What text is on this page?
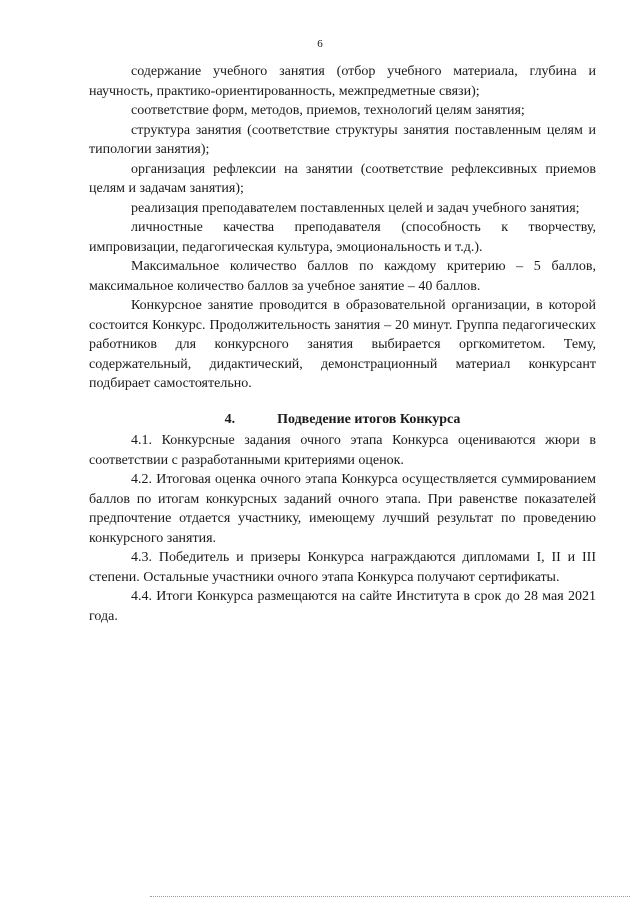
6

содержание учебного занятия (отбор учебного материала, глубина и научность, практико-ориентированность, межпредметные связи);

соответствие форм, методов, приемов, технологий целям занятия;

структура занятия (соответствие структуры занятия поставленным целям и типологии занятия);

организация рефлексии на занятии (соответствие рефлексивных приемов целям и задачам занятия);

реализация преподавателем поставленных целей и задач учебного занятия;

личностные качества преподавателя (способность к творчеству, импровизации, педагогическая культура, эмоциональность и т.д.).

Максимальное количество баллов по каждому критерию – 5 баллов, максимальное количество баллов за учебное занятие – 40 баллов.

Конкурсное занятие проводится в образовательной организации, в которой состоится Конкурс. Продолжительность занятия – 20 минут. Группа педагогических работников для конкурсного занятия выбирается оргкомитетом. Тему, содержательный, дидактический, демонстрационный материал конкурсант подбирает самостоятельно.

4.	Подведение итогов Конкурса

4.1. Конкурсные задания очного этапа Конкурса оцениваются жюри в соответствии с разработанными критериями оценок.

4.2. Итоговая оценка очного этапа Конкурса осуществляется суммированием баллов по итогам конкурсных заданий очного этапа. При равенстве показателей предпочтение отдается участнику, имеющему лучший результат по проведению конкурсного занятия.

4.3. Победитель и призеры Конкурса награждаются дипломами I, II и III степени. Остальные участники очного этапа Конкурса получают сертификаты.

4.4. Итоги Конкурса размещаются на сайте Института в срок до 28 мая 2021 года.
